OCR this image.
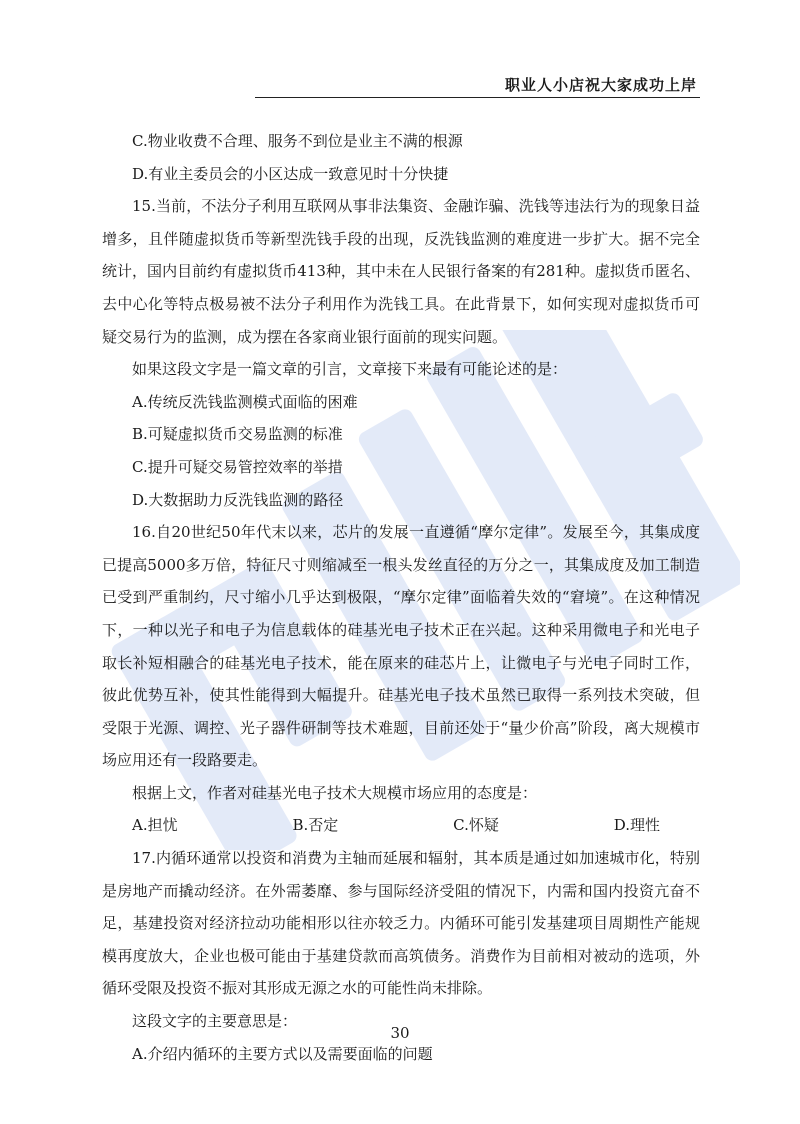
职业人小店祝大家成功上岸

C.物业收费不合理、服务不到位是业主不满的根源

D.有业主委员会的小区达成一致意见时十分快捷

15.当前，不法分子利用互联网从事非法集资、金融诈骗、洗钱等违法行为的现象日益增多，且伴随虚拟货币等新型洗钱手段的出现，反洗钱监测的难度进一步扩大。据不完全统计，国内目前约有虚拟货币413种，其中未在人民银行备案的有281种。虚拟货币匿名、去中心化等特点极易被不法分子利用作为洗钱工具。在此背景下，如何实现对虚拟货币可疑交易行为的监测，成为摆在各家商业银行面前的现实问题。

如果这段文字是一篇文章的引言，文章接下来最有可能论述的是：

A.传统反洗钱监测模式面临的困难

B.可疑虚拟货币交易监测的标准

C.提升可疑交易管控效率的举措

D.大数据助力反洗钱监测的路径

16.自20世纪50年代末以来，芯片的发展一直遵循“摩尔定律”。发展至今，其集成度已提高5000多万倍，特征尺寸则缩减至一根头发丝直径的万分之一，其集成度及加工制造已受到严重制约，尺寸缩小几乎达到极限，“摩尔定律”面临着失效的“窘境”。在这种情况下，一种以光子和电子为信息载体的硅基光电子技术正在兴起。这种采用微电子和光电子取长补短相融合的硅基光电子技术，能在原来的硅芯片上，让微电子与光电子同时工作，彼此优势互补，使其性能得到大幅提升。硅基光电子技术虽然已取得一系列技术突破，但受限于光源、调控、光子器件研制等技术难题，目前还处于“量少价高”阶段，离大规模市场应用还有一段路要走。

根据上文，作者对硅基光电子技术大规模市场应用的态度是：

A.担忧	B.否定	C.怀疑	D.理性

17.内循环通常以投资和消费为主轴而延展和辐射，其本质是通过如加速城市化，特别是房地产而撬动经济。在外需萎靡、参与国际经济受阻的情况下，内需和国内投资亢奋不足，基建投资对经济拉动功能相形以往亦较乏力。内循环可能引发基建项目周期性产能规模再度放大，企业也极可能由于基建贷款而高筑债务。消费作为目前相对被动的选项，外循环受限及投资不振对其形成无源之水的可能性尚未排除。

这段文字的主要意思是：

A.介绍内循环的主要方式以及需要面临的问题

30
